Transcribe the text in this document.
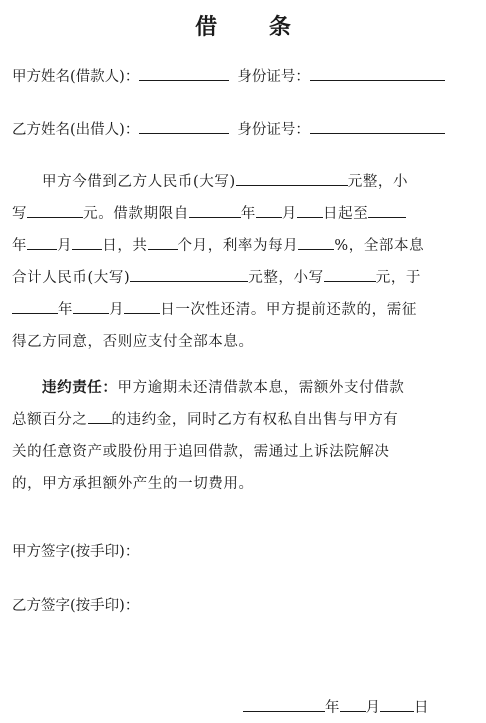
借 条
甲方姓名(借款人)：	身份证号：
乙方姓名(出借人)：	身份证号：
甲方今借到乙方人民币(大写)	元整，小
写	元。借款期限自	年 月 日起至
年 月 日，共 个月，利率为每月 %，全部本息
合计人民币(大写)	元整，小写	元，于
年 月 日一次性还清。甲方提前还款的，需征
得乙方同意，否则应支付全部本息。
违约责任：甲方逾期未还清借款本息，需额外支付借款
总额百分之 的违约金，同时乙方有权私自出售与甲方有
关的任意资产或股份用于追回借款，需通过上诉法院解决
的，甲方承担额外产生的一切费用。
甲方签字(按手印)：
乙方签字(按手印)：
年 月 日
